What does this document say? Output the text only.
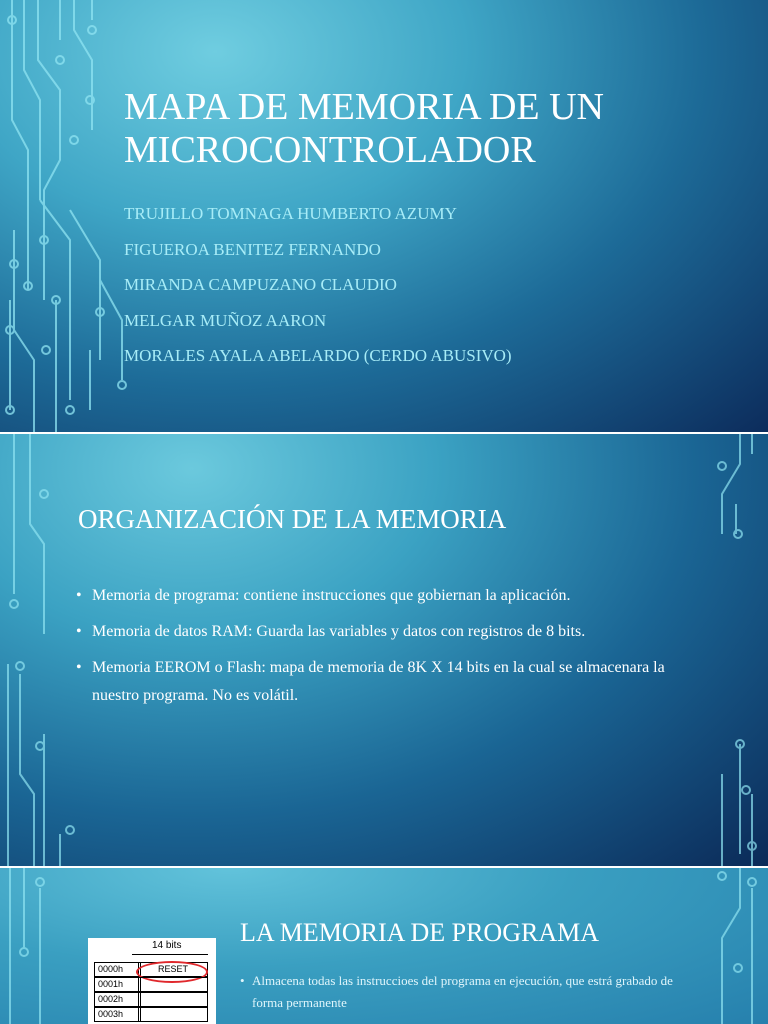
MAPA DE MEMORIA DE UN MICROCONTROLADOR
TRUJILLO TOMNAGA HUMBERTO AZUMY
FIGUEROA BENITEZ FERNANDO
MIRANDA CAMPUZANO CLAUDIO
MELGAR MUÑOZ AARON
MORALES AYALA ABELARDO (CERDO ABUSIVO)
ORGANIZACIÓN DE LA MEMORIA
• Memoria de programa: contiene instrucciones que gobiernan la aplicación.
• Memoria de datos RAM: Guarda las variables y datos con registros de 8 bits.
• Memoria EEROM o Flash: mapa de memoria de 8K X 14 bits en la cual se almacenara la nuestro programa. No es volátil.
14 bits
0000h	RESET
0001h
0002h
0003h
LA MEMORIA DE PROGRAMA
• Almacena todas las instruccioes del programa en ejecución, que estrá grabado de forma permanente
